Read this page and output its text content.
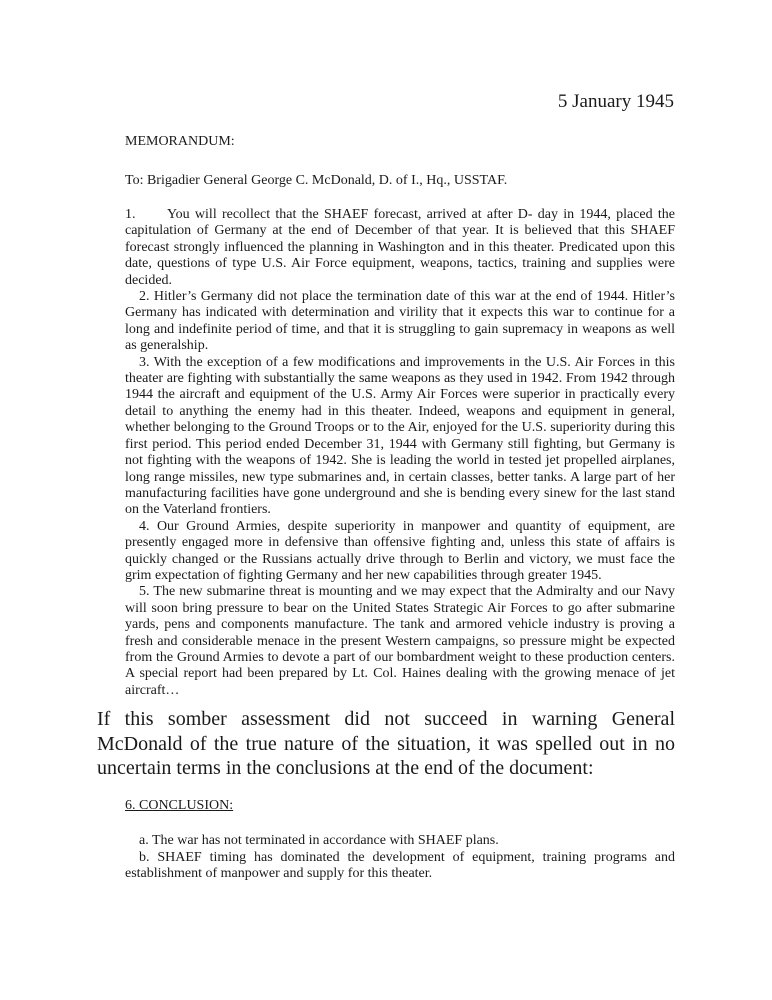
5 January 1945
MEMORANDUM:
To: Brigadier General George C. McDonald, D. of I., Hq., USSTAF.

1.      You will recollect that the SHAEF forecast, arrived at after D- day in 1944, placed the capitulation of Germany at the end of December of that year. It is believed that this SHAEF forecast strongly influenced the planning in Washington and in this theater. Predicated upon this date, questions of type U.S. Air Force equipment, weapons, tactics, training and supplies were decided.

2. Hitler’s Germany did not place the termination date of this war at the end of 1944. Hitler’s Germany has indicated with determination and virility that it expects this war to continue for a long and indefinite period of time, and that it is struggling to gain supremacy in weapons as well as generalship.

3. With the exception of a few modifications and improvements in the U.S. Air Forces in this theater are fighting with substantially the same weapons as they used in 1942. From 1942 through 1944 the aircraft and equipment of the U.S. Army Air Forces were superior in practically every detail to anything the enemy had in this theater. Indeed, weapons and equipment in general, whether belonging to the Ground Troops or to the Air, enjoyed for the U.S. superiority during this first period. This period ended December 31, 1944 with Germany still fighting, but Germany is not fighting with the weapons of 1942. She is leading the world in tested jet propelled airplanes, long range missiles, new type submarines and, in certain classes, better tanks. A large part of her manufacturing facilities have gone underground and she is bending every sinew for the last stand on the Vaterland frontiers.

4. Our Ground Armies, despite superiority in manpower and quantity of equipment, are presently engaged more in defensive than offensive fighting and, unless this state of affairs is quickly changed or the Russians actually drive through to Berlin and victory, we must face the grim expectation of fighting Germany and her new capabilities through greater 1945.

5. The new submarine threat is mounting and we may expect that the Admiralty and our Navy will soon bring pressure to bear on the United States Strategic Air Forces to go after submarine yards, pens and components manufacture. The tank and armored vehicle industry is proving a fresh and considerable menace in the present Western campaigns, so pressure might be expected from the Ground Armies to devote a part of our bombardment weight to these production centers. A special report had been prepared by Lt. Col. Haines dealing with the growing menace of jet aircraft…

If this somber assessment did not succeed in warning General McDonald of the true nature of the situation, it was spelled out in no uncertain terms in the conclusions at the end of the document:

6. CONCLUSION:

a. The war has not terminated in accordance with SHAEF plans.

b. SHAEF timing has dominated the development of equipment, training programs and establishment of manpower and supply for this theater.
